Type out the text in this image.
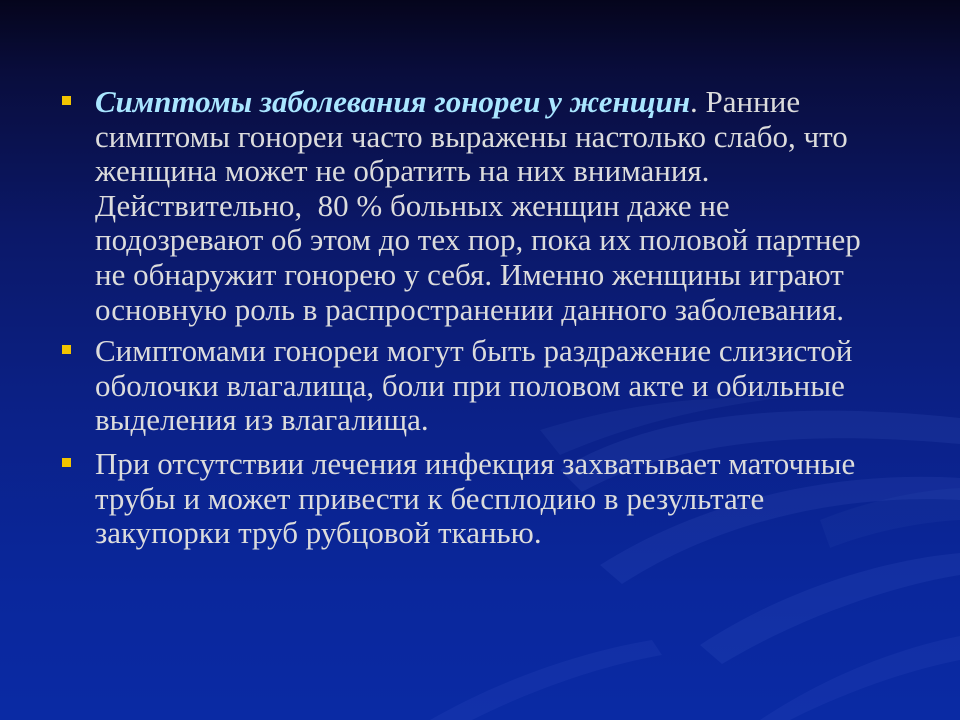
Симптомы заболевания гонореи у женщин. Ранние
симптомы гонореи часто выражены настолько слабо, что
женщина может не обратить на них внимания.
Действительно,  80 % больных женщин даже не
подозревают об этом до тех пор, пока их половой партнер
не обнаружит гонорею у себя. Именно женщины играют
основную роль в распространении данного заболевания.
Симптомами гонореи могут быть раздражение слизистой
оболочки влагалища, боли при половом акте и обильные
выделения из влагалища.
При отсутствии лечения инфекция захватывает маточные
трубы и может привести к бесплодию в результате
закупорки труб рубцовой тканью.
